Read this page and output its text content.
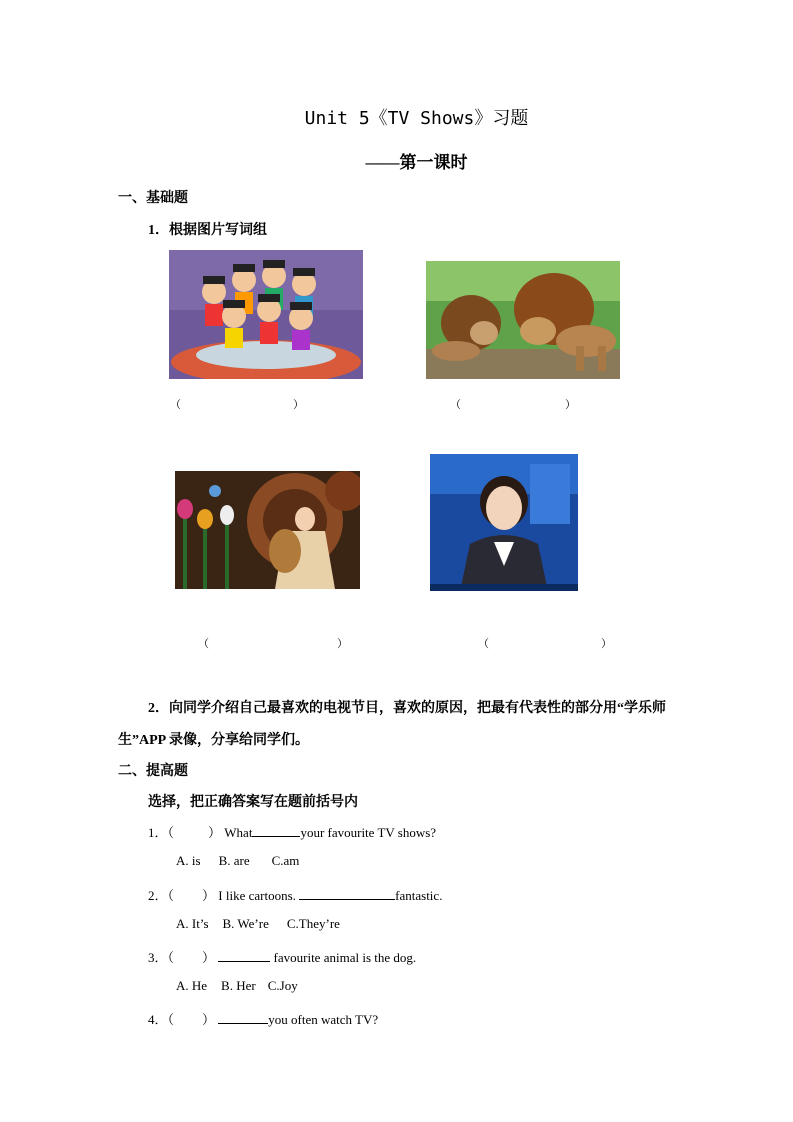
Unit 5《TV Shows》习题
——第一课时
一、基础题
1．根据图片写词组
（	）	（	）
（	）	（	）
2．向同学介绍自己最喜欢的电视节目，喜欢的原因，把最有代表性的部分用“学乐师
生”APP 录像，分享给同学们。
二、提高题
选择，把正确答案写在题前括号内
1．（	） What	your favourite TV shows?
A. is B. are C.am
2．（ ） I like cartoons.	fantastic.
A. It’s B. We’re C.They’re
3．（ ）	favourite animal is the dog.
A. He B. Her C.Joy
4．（ ）	you often watch TV?
